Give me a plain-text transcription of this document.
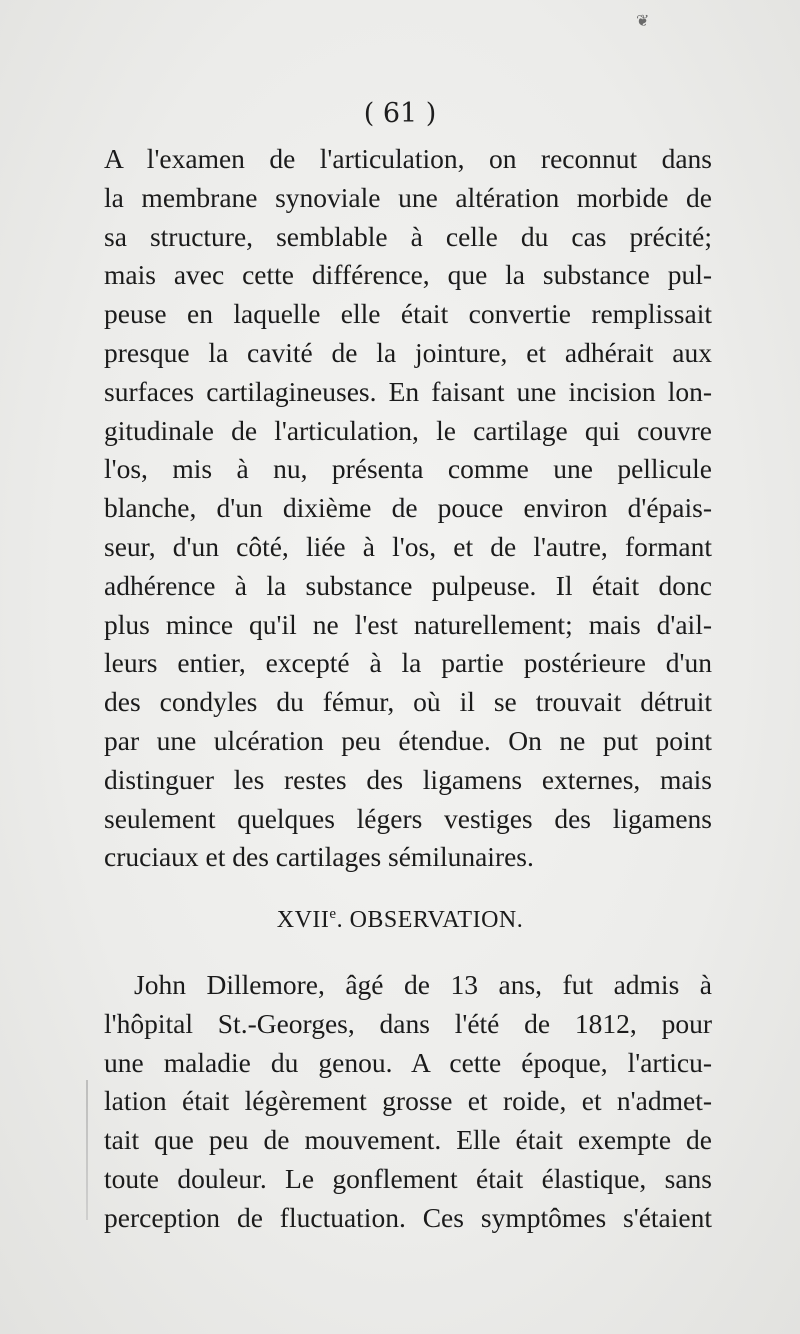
❦
( 61 )
A l'examen de l'articulation, on reconnut dans
la membrane synoviale une altération morbide de
sa structure, semblable à celle du cas précité;
mais avec cette différence, que la substance pul-
peuse en laquelle elle était convertie remplissait
presque la cavité de la jointure, et adhérait aux
surfaces cartilagineuses. En faisant une incision lon-
gitudinale de l'articulation, le cartilage qui couvre
l'os, mis à nu, présenta comme une pellicule
blanche, d'un dixième de pouce environ d'épais-
seur, d'un côté, liée à l'os, et de l'autre, formant
adhérence à la substance pulpeuse. Il était donc
plus mince qu'il ne l'est naturellement; mais d'ail-
leurs entier, excepté à la partie postérieure d'un
des condyles du fémur, où il se trouvait détruit
par une ulcération peu étendue. On ne put point
distinguer les restes des ligamens externes, mais
seulement quelques légers vestiges des ligamens
cruciaux et des cartilages sémilunaires.
XVIIe. OBSERVATION.
John Dillemore, âgé de 13 ans, fut admis à
l'hôpital St.-Georges, dans l'été de 1812, pour
une maladie du genou. A cette époque, l'articu-
lation était légèrement grosse et roide, et n'admet-
tait que peu de mouvement. Elle était exempte de
toute douleur. Le gonflement était élastique, sans
perception de fluctuation. Ces symptômes s'étaient
